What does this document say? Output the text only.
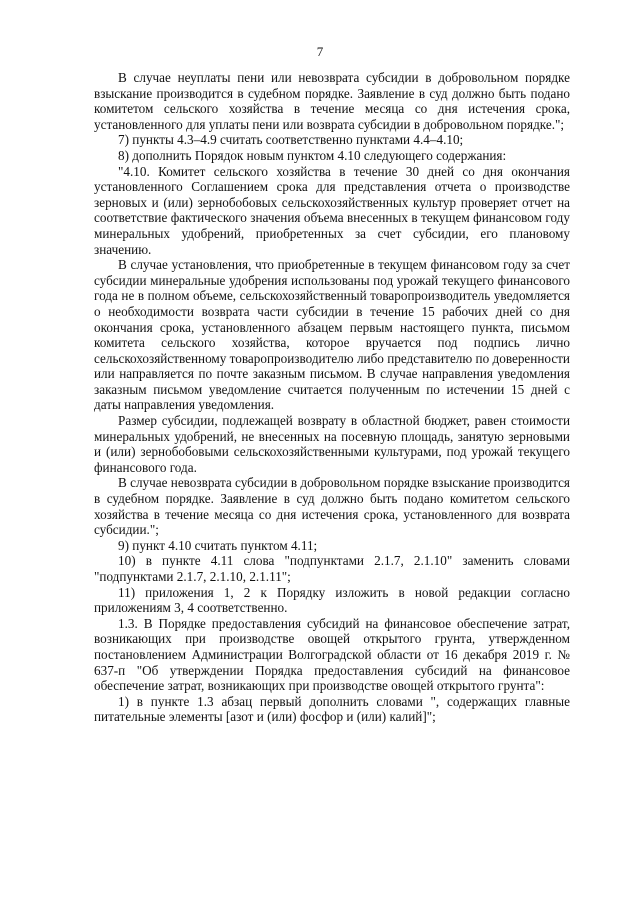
7

В случае неуплаты пени или невозврата субсидии в добровольном порядке взыскание производится в судебном порядке. Заявление в суд должно быть подано комитетом сельского хозяйства в течение месяца со дня истечения срока, установленного для уплаты пени или возврата субсидии в добровольном порядке.";

7) пункты 4.3–4.9 считать соответственно пунктами 4.4–4.10;

8) дополнить Порядок новым пунктом 4.10 следующего содержания:

"4.10. Комитет сельского хозяйства в течение 30 дней со дня окончания установленного Соглашением срока для представления отчета о производстве зерновых и (или) зернобобовых сельскохозяйственных культур проверяет отчет на соответствие фактического значения объема внесенных в текущем финансовом году минеральных удобрений, приобретенных за счет субсидии, его плановому значению.

В случае установления, что приобретенные в текущем финансовом году за счет субсидии минеральные удобрения использованы под урожай текущего финансового года не в полном объеме, сельскохозяйственный товаропроизводитель уведомляется о необходимости возврата части субсидии в течение 15 рабочих дней со дня окончания срока, установленного абзацем первым настоящего пункта, письмом комитета сельского хозяйства, которое вручается под подпись лично сельскохозяйственному товаропроизводителю либо представителю по доверенности или направляется по почте заказным письмом. В случае направления уведомления заказным письмом уведомление считается полученным по истечении 15 дней с даты направления уведомления.

Размер субсидии, подлежащей возврату в областной бюджет, равен стоимости минеральных удобрений, не внесенных на посевную площадь, занятую зерновыми и (или) зернобобовыми сельскохозяйственными культурами, под урожай текущего финансового года.

В случае невозврата субсидии в добровольном порядке взыскание производится в судебном порядке. Заявление в суд должно быть подано комитетом сельского хозяйства в течение месяца со дня истечения срока, установленного для возврата субсидии.";

9) пункт 4.10 считать пунктом 4.11;

10) в пункте 4.11 слова "подпунктами 2.1.7, 2.1.10" заменить словами "подпунктами 2.1.7, 2.1.10, 2.1.11";

11) приложения 1, 2 к Порядку изложить в новой редакции согласно приложениям 3, 4 соответственно.

1.3. В Порядке предоставления субсидий на финансовое обеспечение затрат, возникающих при производстве овощей открытого грунта, утвержденном постановлением Администрации Волгоградской области от 16 декабря 2019 г. № 637-п "Об утверждении Порядка предоставления субсидий на финансовое обеспечение затрат, возникающих при производстве овощей открытого грунта":

1) в пункте 1.3 абзац первый дополнить словами ", содержащих главные питательные элементы [азот и (или) фосфор и (или) калий]";
